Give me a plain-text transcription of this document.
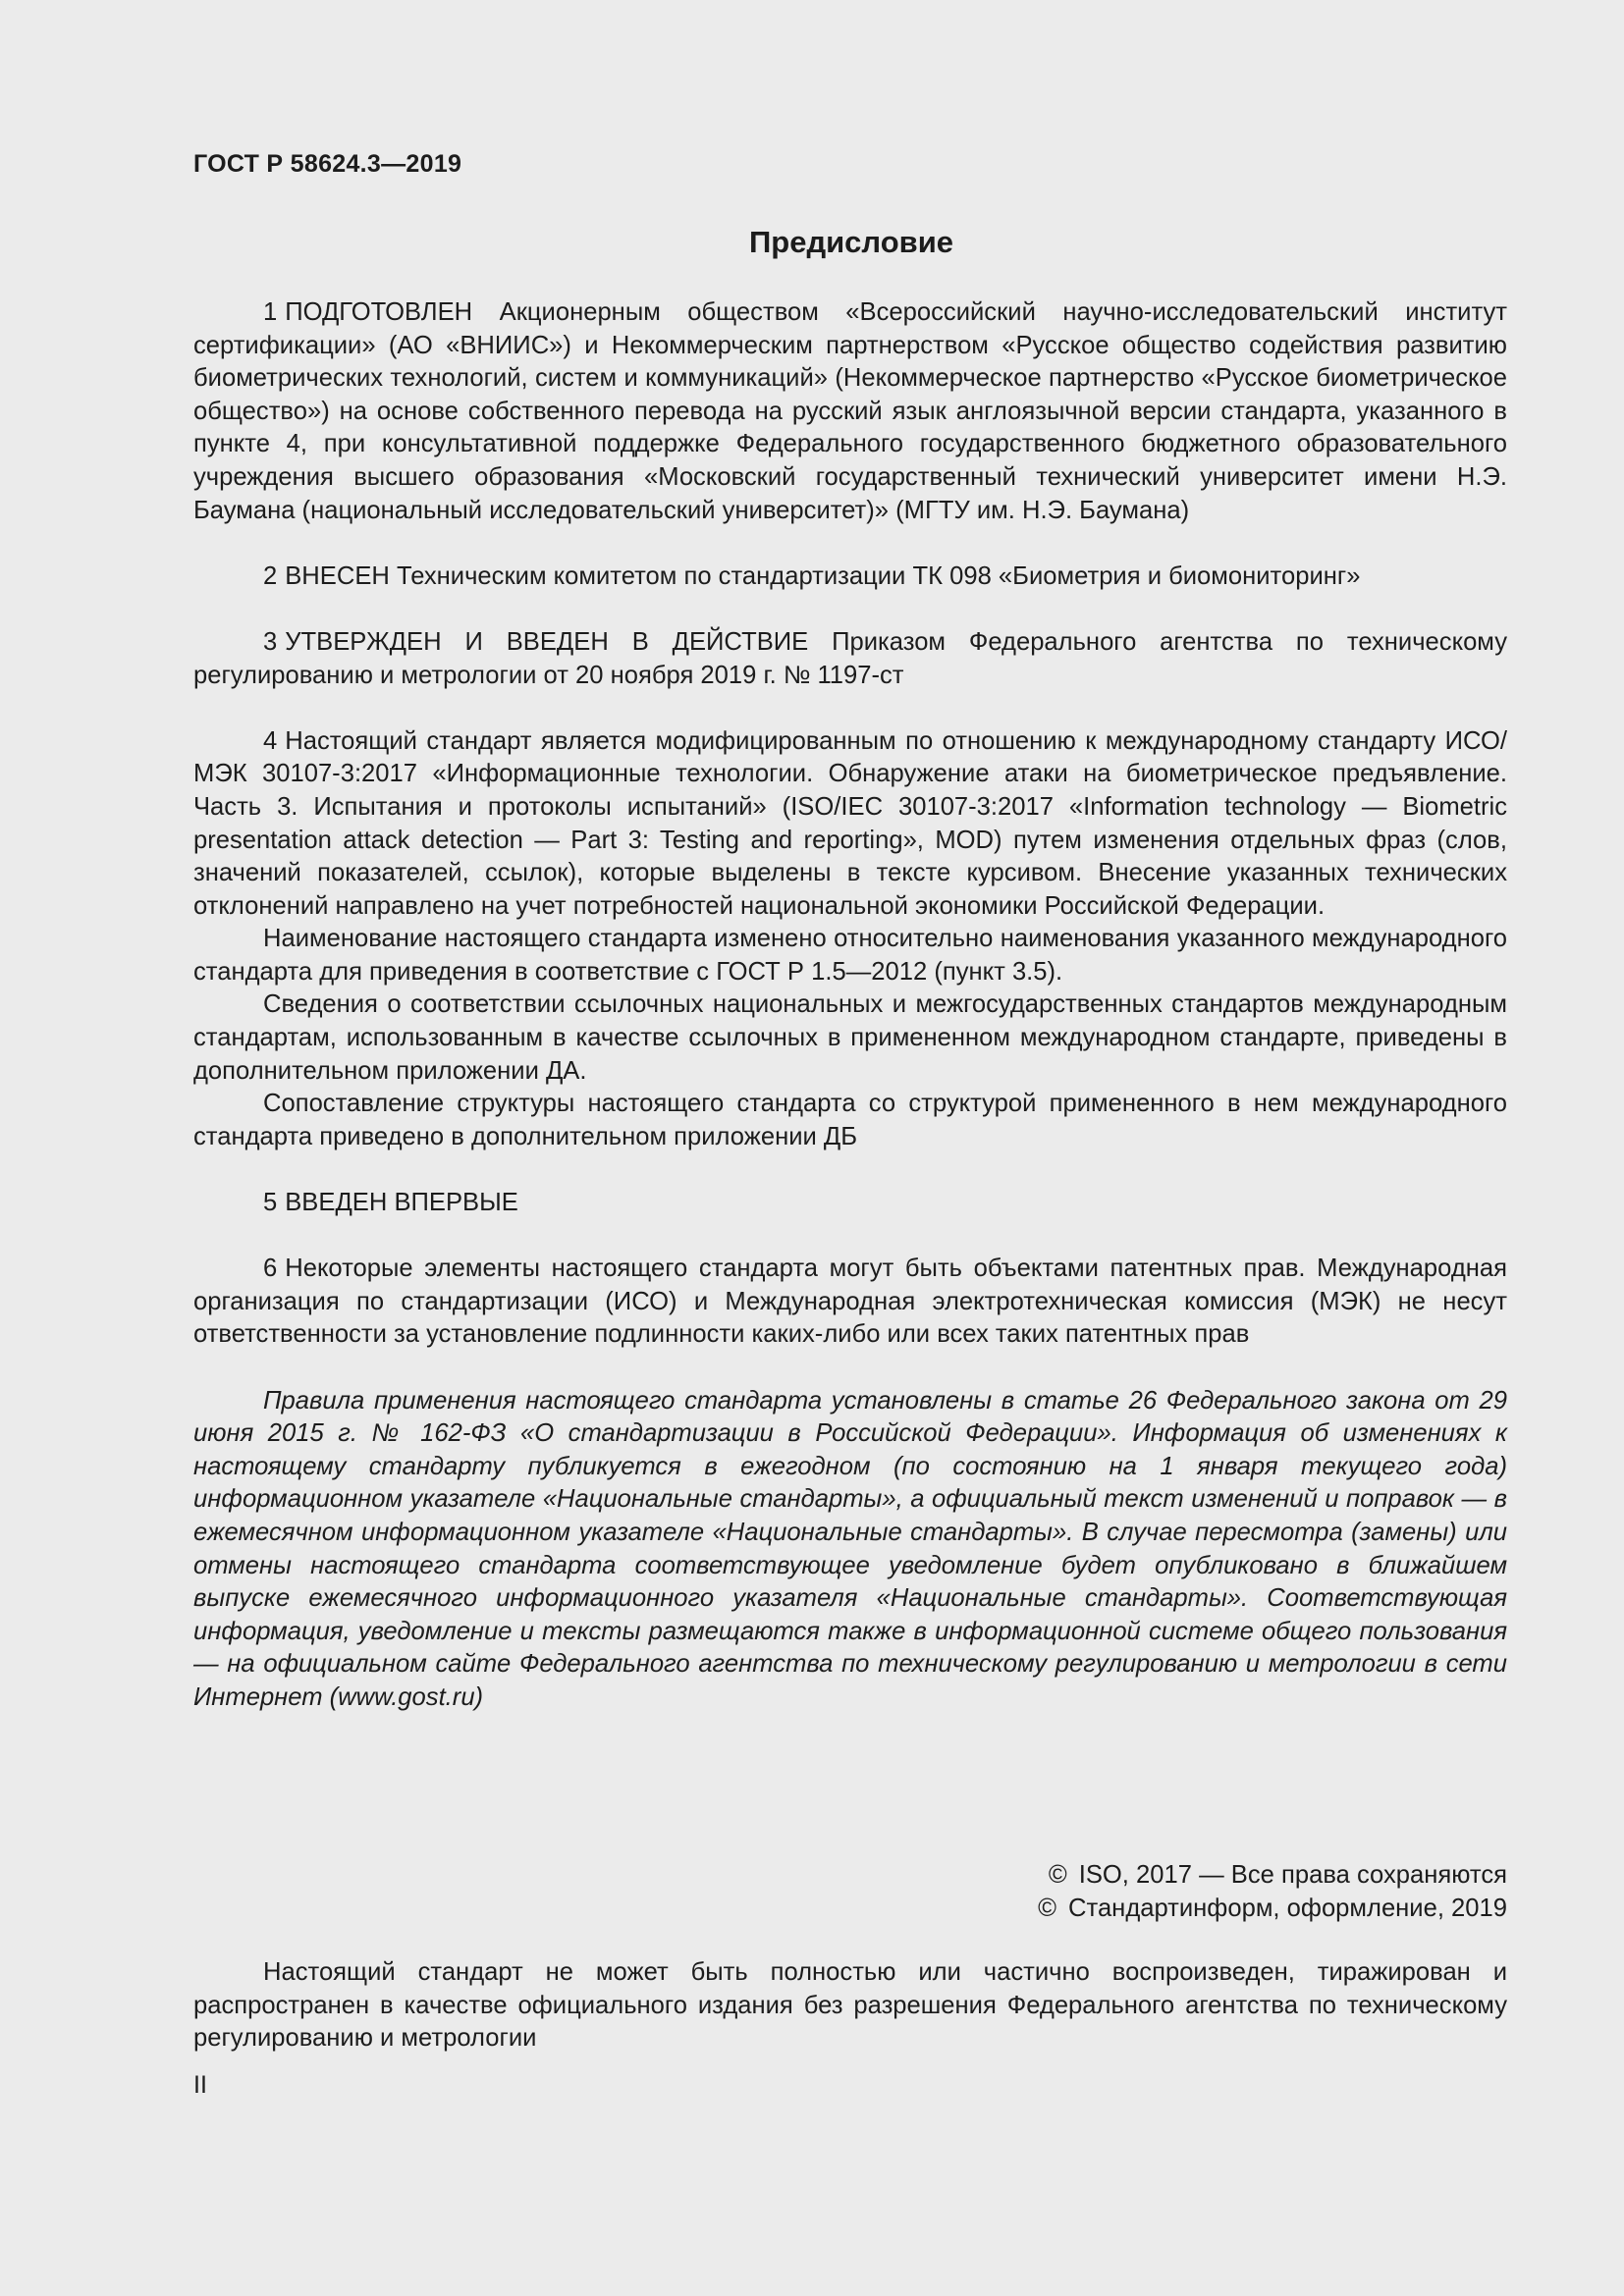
ГОСТ Р 58624.3—2019
Предисловие

1 ПОДГОТОВЛЕН Акционерным обществом «Всероссийский научно-исследовательский институт сертификации» (АО «ВНИИС») и Некоммерческим партнерством «Русское общество содействия развитию биометрических технологий, систем и коммуникаций» (Некоммерческое партнерство «Русское биометрическое общество») на основе собственного перевода на русский язык англоязычной версии стандарта, указанного в пункте 4, при консультативной поддержке Федерального государственного бюджетного образовательного учреждения высшего образования «Московский государственный технический университет имени Н.Э. Баумана (национальный исследовательский университет)» (МГТУ им. Н.Э. Баумана)

2 ВНЕСЕН Техническим комитетом по стандартизации ТК 098 «Биометрия и биомониторинг»

3 УТВЕРЖДЕН И ВВЕДЕН В ДЕЙСТВИЕ Приказом Федерального агентства по техническому регулированию и метрологии от 20 ноября 2019 г. № 1197-ст

4 Настоящий стандарт является модифицированным по отношению к международному стандарту ИСО/МЭК 30107-3:2017 «Информационные технологии. Обнаружение атаки на биометрическое предъявление. Часть 3. Испытания и протоколы испытаний» (ISO/IEC 30107-3:2017 «Information technology — Biometric presentation attack detection — Part 3: Testing and reporting», MOD) путем изменения отдельных фраз (слов, значений показателей, ссылок), которые выделены в тексте курсивом. Внесение указанных технических отклонений направлено на учет потребностей национальной экономики Российской Федерации.

Наименование настоящего стандарта изменено относительно наименования указанного международного стандарта для приведения в соответствие с ГОСТ Р 1.5—2012 (пункт 3.5).

Сведения о соответствии ссылочных национальных и межгосударственных стандартов международным стандартам, использованным в качестве ссылочных в примененном международном стандарте, приведены в дополнительном приложении ДА.

Сопоставление структуры настоящего стандарта со структурой примененного в нем международного стандарта приведено в дополнительном приложении ДБ

5 ВВЕДЕН ВПЕРВЫЕ

6 Некоторые элементы настоящего стандарта могут быть объектами патентных прав. Международная организация по стандартизации (ИСО) и Международная электротехническая комиссия (МЭК) не несут ответственности за установление подлинности каких-либо или всех таких патентных прав

Правила применения настоящего стандарта установлены в статье 26 Федерального закона от 29 июня 2015 г. № 162-ФЗ «О стандартизации в Российской Федерации». Информация об изменениях к настоящему стандарту публикуется в ежегодном (по состоянию на 1 января текущего года) информационном указателе «Национальные стандарты», а официальный текст изменений и поправок — в ежемесячном информационном указателе «Национальные стандарты». В случае пересмотра (замены) или отмены настоящего стандарта соответствующее уведомление будет опубликовано в ближайшем выпуске ежемесячного информационного указателя «Национальные стандарты». Соответствующая информация, уведомление и тексты размещаются также в информационной системе общего пользования — на официальном сайте Федерального агентства по техническому регулированию и метрологии в сети Интернет (www.gost.ru)

© ISO, 2017 — Все права сохраняются
© Стандартинформ, оформление, 2019

Настоящий стандарт не может быть полностью или частично воспроизведен, тиражирован и распространен в качестве официального издания без разрешения Федерального агентства по техническому регулированию и метрологии

II
